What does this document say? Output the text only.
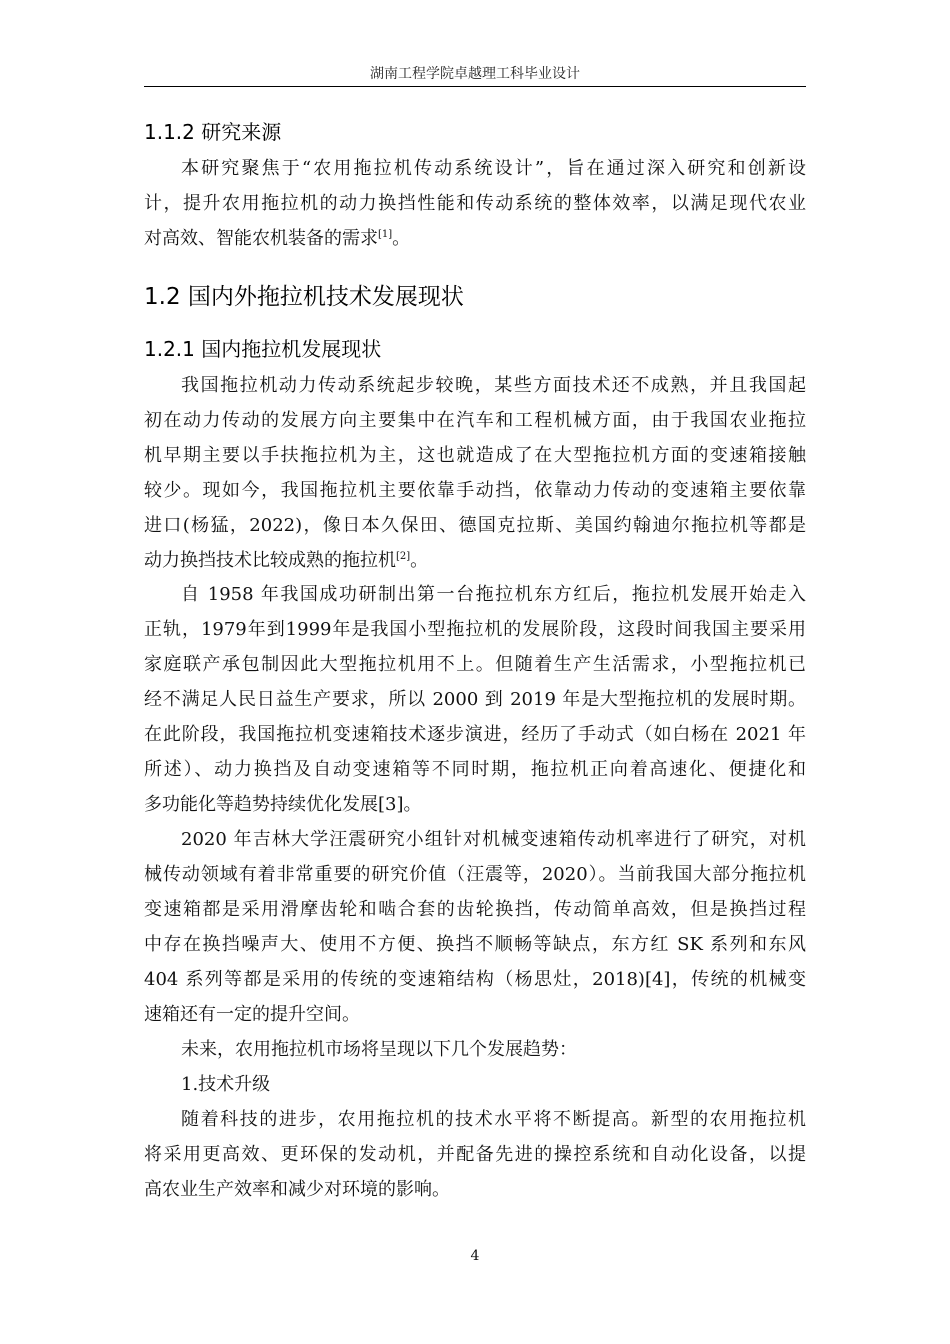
湖南工程学院卓越理工科毕业设计
1.1.2 研究来源
本研究聚焦于“农用拖拉机传动系统设计”，旨在通过深入研究和创新设
计，提升农用拖拉机的动力换挡性能和传动系统的整体效率，以满足现代农业
对高效、智能农机装备的需求[1]。
1.2 国内外拖拉机技术发展现状
1.2.1 国内拖拉机发展现状
我国拖拉机动力传动系统起步较晚，某些方面技术还不成熟，并且我国起
初在动力传动的发展方向主要集中在汽车和工程机械方面，由于我国农业拖拉
机早期主要以手扶拖拉机为主，这也就造成了在大型拖拉机方面的变速箱接触
较少。现如今，我国拖拉机主要依靠手动挡，依靠动力传动的变速箱主要依靠
进口(杨猛，2022)，像日本久保田、德国克拉斯、美国约翰迪尔拖拉机等都是
动力换挡技术比较成熟的拖拉机[2]。
自 1958 年我国成功研制出第一台拖拉机东方红后，拖拉机发展开始走入
正轨，1979年到1999年是我国小型拖拉机的发展阶段，这段时间我国主要采用
家庭联产承包制因此大型拖拉机用不上。但随着生产生活需求，小型拖拉机已
经不满足人民日益生产要求，所以 2000 到 2019 年是大型拖拉机的发展时期。
在此阶段，我国拖拉机变速箱技术逐步演进，经历了手动式（如白杨在 2021 年
所述）、动力换挡及自动变速箱等不同时期，拖拉机正向着高速化、便捷化和
多功能化等趋势持续优化发展[3]。
2020 年吉林大学汪震研究小组针对机械变速箱传动机率进行了研究，对机
械传动领域有着非常重要的研究价值（汪震等，2020）。当前我国大部分拖拉机
变速箱都是采用滑摩齿轮和啮合套的齿轮换挡，传动简单高效，但是换挡过程
中存在换挡噪声大、使用不方便、换挡不顺畅等缺点，东方红 SK 系列和东风
404 系列等都是采用的传统的变速箱结构（杨思灶，2018)[4]，传统的机械变
速箱还有一定的提升空间。
未来，农用拖拉机市场将呈现以下几个发展趋势：
1.技术升级
随着科技的进步，农用拖拉机的技术水平将不断提高。新型的农用拖拉机
将采用更高效、更环保的发动机，并配备先进的操控系统和自动化设备，以提
高农业生产效率和减少对环境的影响。
4
